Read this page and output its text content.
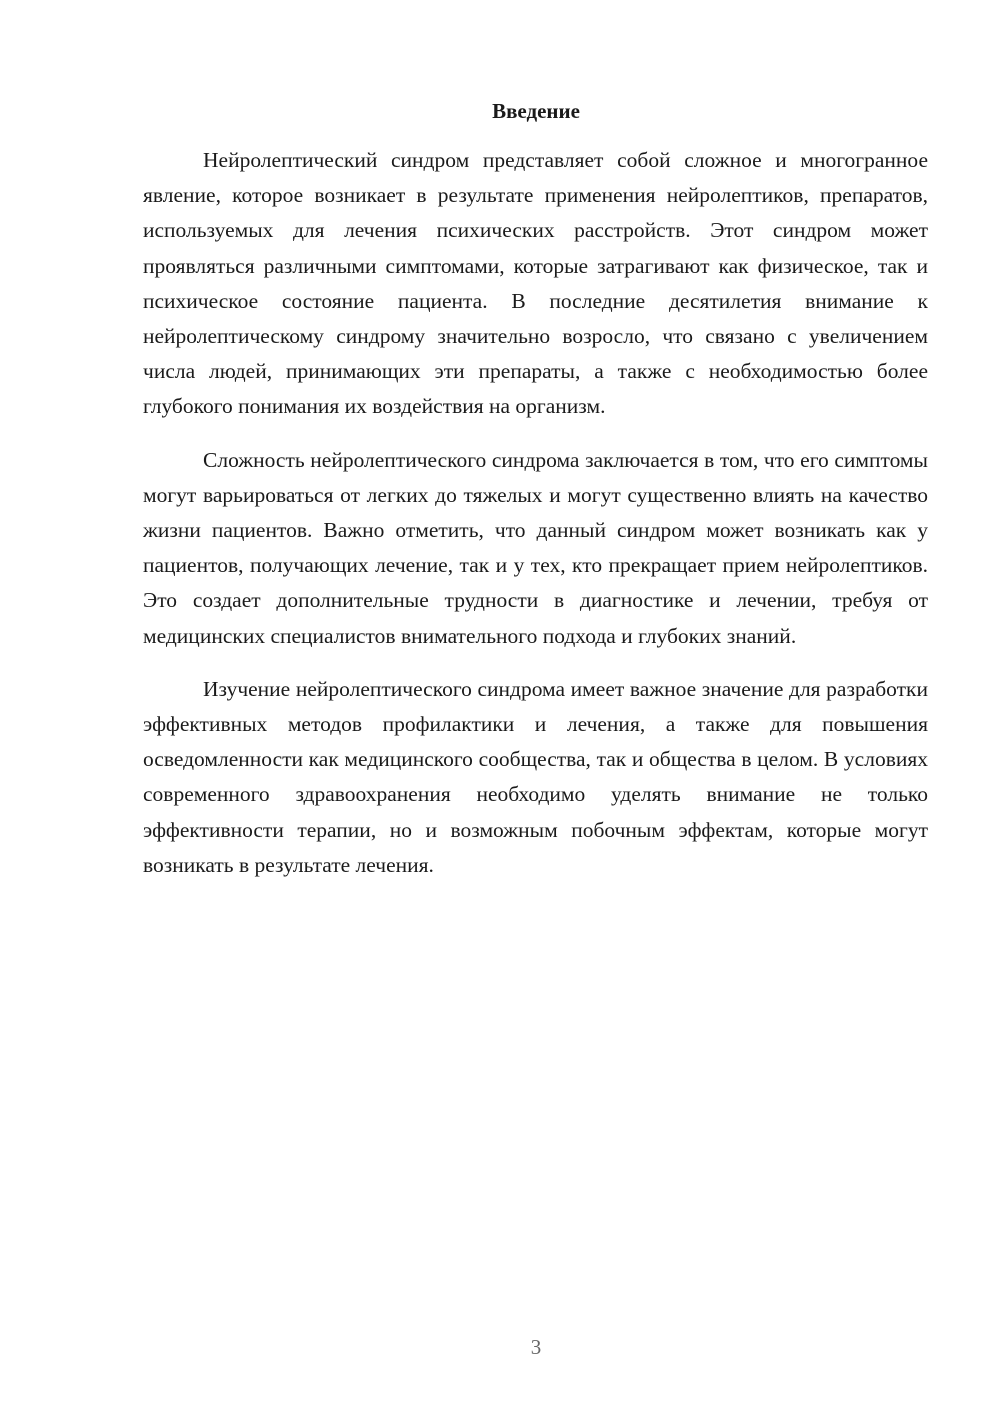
Введение

Нейролептический синдром представляет собой сложное и многогранное явление, которое возникает в результате применения нейролептиков, препаратов, используемых для лечения психических расстройств. Этот синдром может проявляться различными симптомами, которые затрагивают как физическое, так и психическое состояние пациента. В последние десятилетия внимание к нейролептическому синдрому значительно возросло, что связано с увеличением числа людей, принимающих эти препараты, а также с необходимостью более глубокого понимания их воздействия на организм.

Сложность нейролептического синдрома заключается в том, что его симптомы могут варьироваться от легких до тяжелых и могут существенно влиять на качество жизни пациентов. Важно отметить, что данный синдром может возникать как у пациентов, получающих лечение, так и у тех, кто прекращает прием нейролептиков. Это создает дополнительные трудности в диагностике и лечении, требуя от медицинских специалистов внимательного подхода и глубоких знаний.

Изучение нейролептического синдрома имеет важное значение для разработки эффективных методов профилактики и лечения, а также для повышения осведомленности как медицинского сообщества, так и общества в целом. В условиях современного здравоохранения необходимо уделять внимание не только эффективности терапии, но и возможным побочным эффектам, которые могут возникать в результате лечения.

3
